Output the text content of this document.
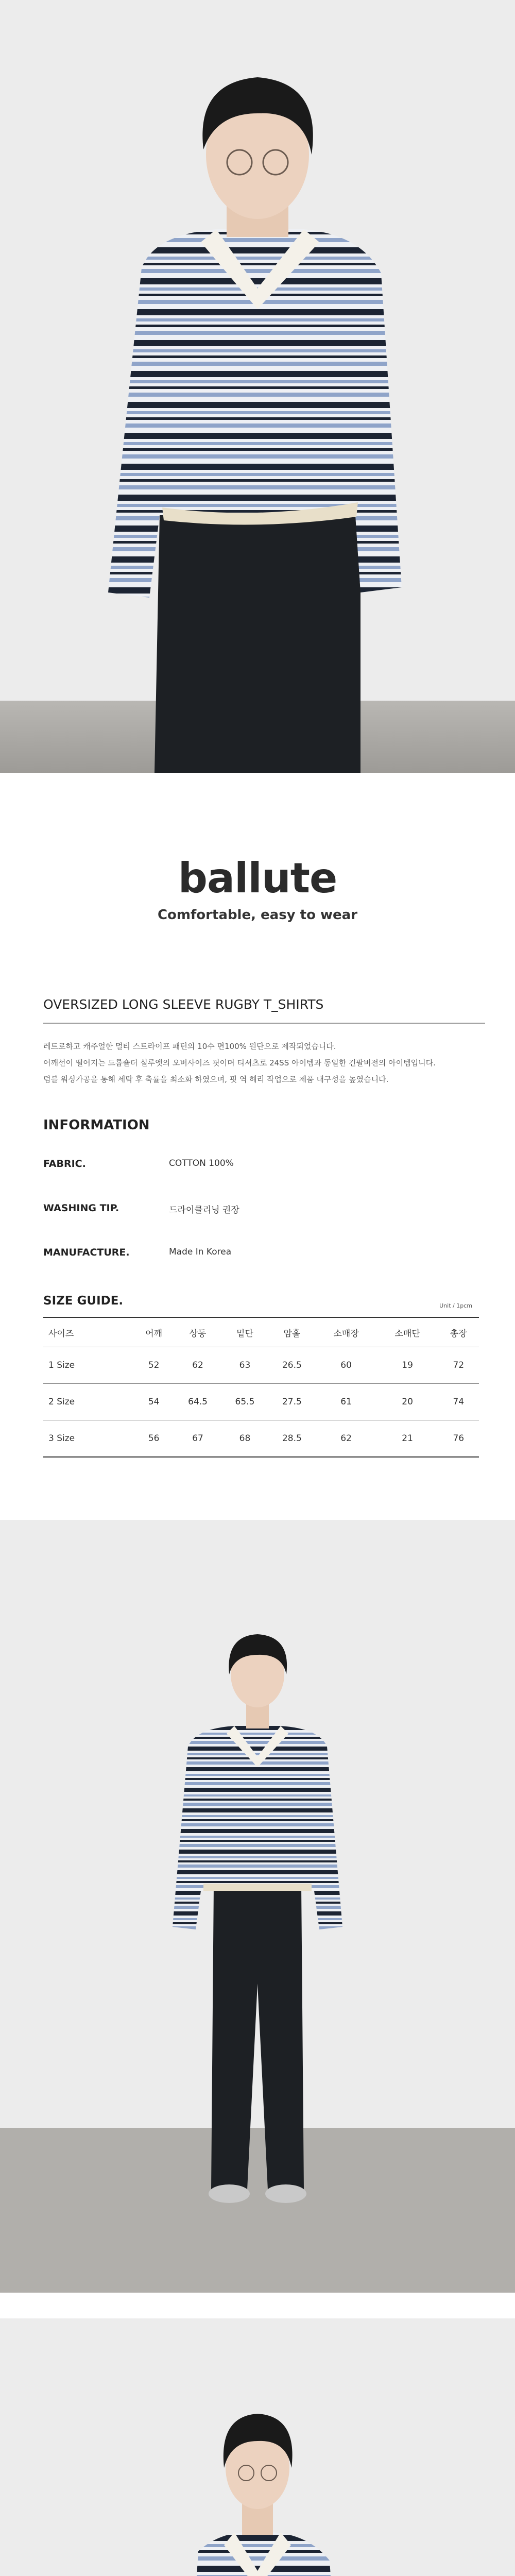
ballute
Comfortable, easy to wear
OVERSIZED LONG SLEEVE RUGBY T_SHIRTS
레트로하고 캐주얼한 멀티 스트라이프 패턴의 10수 면100% 원단으로 제작되었습니다.
어깨선이 떨어지는 드롭숄더 실루엣의 오버사이즈 핏이며 티셔츠로 24SS 아이템과 동일한 긴팔버전의 아이템입니다.
덤블 워싱가공을 통해 세탁 후 축률을 최소화 하였으며, 핏 역 해리 작업으로 제품 내구성을 높였습니다.
INFORMATION
FABRIC.	COTTON 100%
WASHING TIP.	드라이클리닝 권장
MANUFACTURE.	Made In Korea
SIZE GUIDE.	Unit / 1pcm
사이즈	어깨	상동	밑단	암홀	소매장	소매단	총장
1 Size	52	62	63	26.5	60	19	72
2 Size	54	64.5	65.5	27.5	61	20	74
3 Size	56	67	68	28.5	62	21	76
